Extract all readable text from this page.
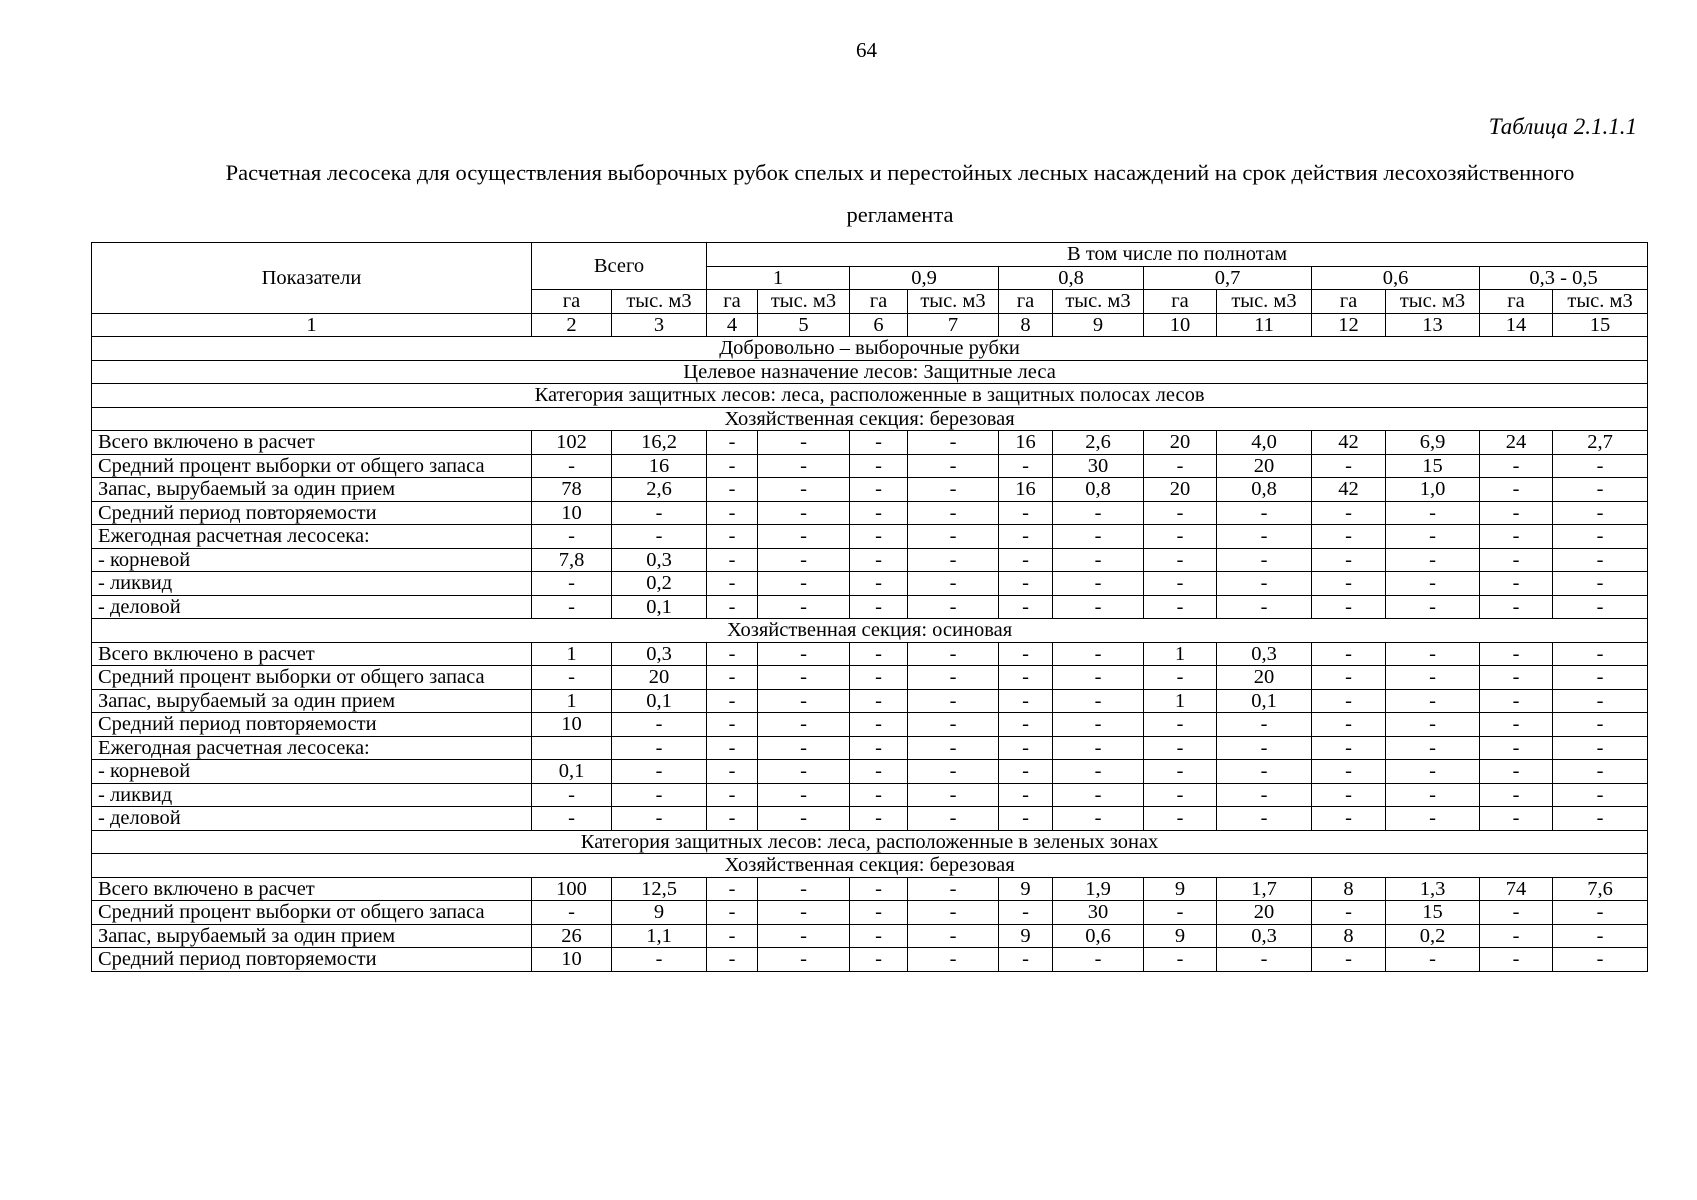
64
Таблица 2.1.1.1
Расчетная лесосека для осуществления выборочных рубок спелых и перестойных лесных насаждений на срок действия лесохозяйственного
регламента
Показатели	Всего		В том числе по полнотам											
			1		0,9		0,8		0,7		0,6		0,3 - 0,5	
	га	тыс. м3	га	тыс. м3	га	тыс. м3	га	тыс. м3	га	тыс. м3	га	тыс. м3	га	тыс. м3
1	2	3	4	5	6	7	8	9	10	11	12	13	14	15
Добровольно – выборочные рубки														
Целевое назначение лесов: Защитные леса														
Категория защитных лесов: леса, расположенные в защитных полосах лесов														
Хозяйственная секция: березовая														
Всего включено в расчет	102	16,2	-	-	-	-	16	2,6	20	4,0	42	6,9	24	2,7
Средний процент выборки от общего запаса	-	16	-	-	-	-	-	30	-	20	-	15	-	-
Запас, вырубаемый за один прием	78	2,6	-	-	-	-	16	0,8	20	0,8	42	1,0	-	-
Средний период повторяемости	10	-	-	-	-	-	-	-	-	-	-	-	-	-
Ежегодная расчетная лесосека:	-	-	-	-	-	-	-	-	-	-	-	-	-	-
- корневой	7,8	0,3	-	-	-	-	-	-	-	-	-	-	-	-
- ликвид	-	0,2	-	-	-	-	-	-	-	-	-	-	-	-
- деловой	-	0,1	-	-	-	-	-	-	-	-	-	-	-	-
Хозяйственная секция: осиновая														
Всего включено в расчет	1	0,3	-	-	-	-	-	-	1	0,3	-	-	-	-
Средний процент выборки от общего запаса	-	20	-	-	-	-	-	-	-	20	-	-	-	-
Запас, вырубаемый за один прием	1	0,1	-	-	-	-	-	-	1	0,1	-	-	-	-
Средний период повторяемости	10	-	-	-	-	-	-	-	-	-	-	-	-	-
Ежегодная расчетная лесосека:		-	-	-	-	-	-	-	-	-	-	-	-	-
- корневой	0,1	-	-	-	-	-	-	-	-	-	-	-	-	-
- ликвид	-	-	-	-	-	-	-	-	-	-	-	-	-	-
- деловой	-	-	-	-	-	-	-	-	-	-	-	-	-	-
Категория защитных лесов: леса, расположенные в зеленых зонах														
Хозяйственная секция: березовая														
Всего включено в расчет	100	12,5	-	-	-	-	9	1,9	9	1,7	8	1,3	74	7,6
Средний процент выборки от общего запаса	-	9	-	-	-	-	-	30	-	20	-	15	-	-
Запас, вырубаемый за один прием	26	1,1	-	-	-	-	9	0,6	9	0,3	8	0,2	-	-
Средний период повторяемости	10	-	-	-	-	-	-	-	-	-	-	-	-	-
